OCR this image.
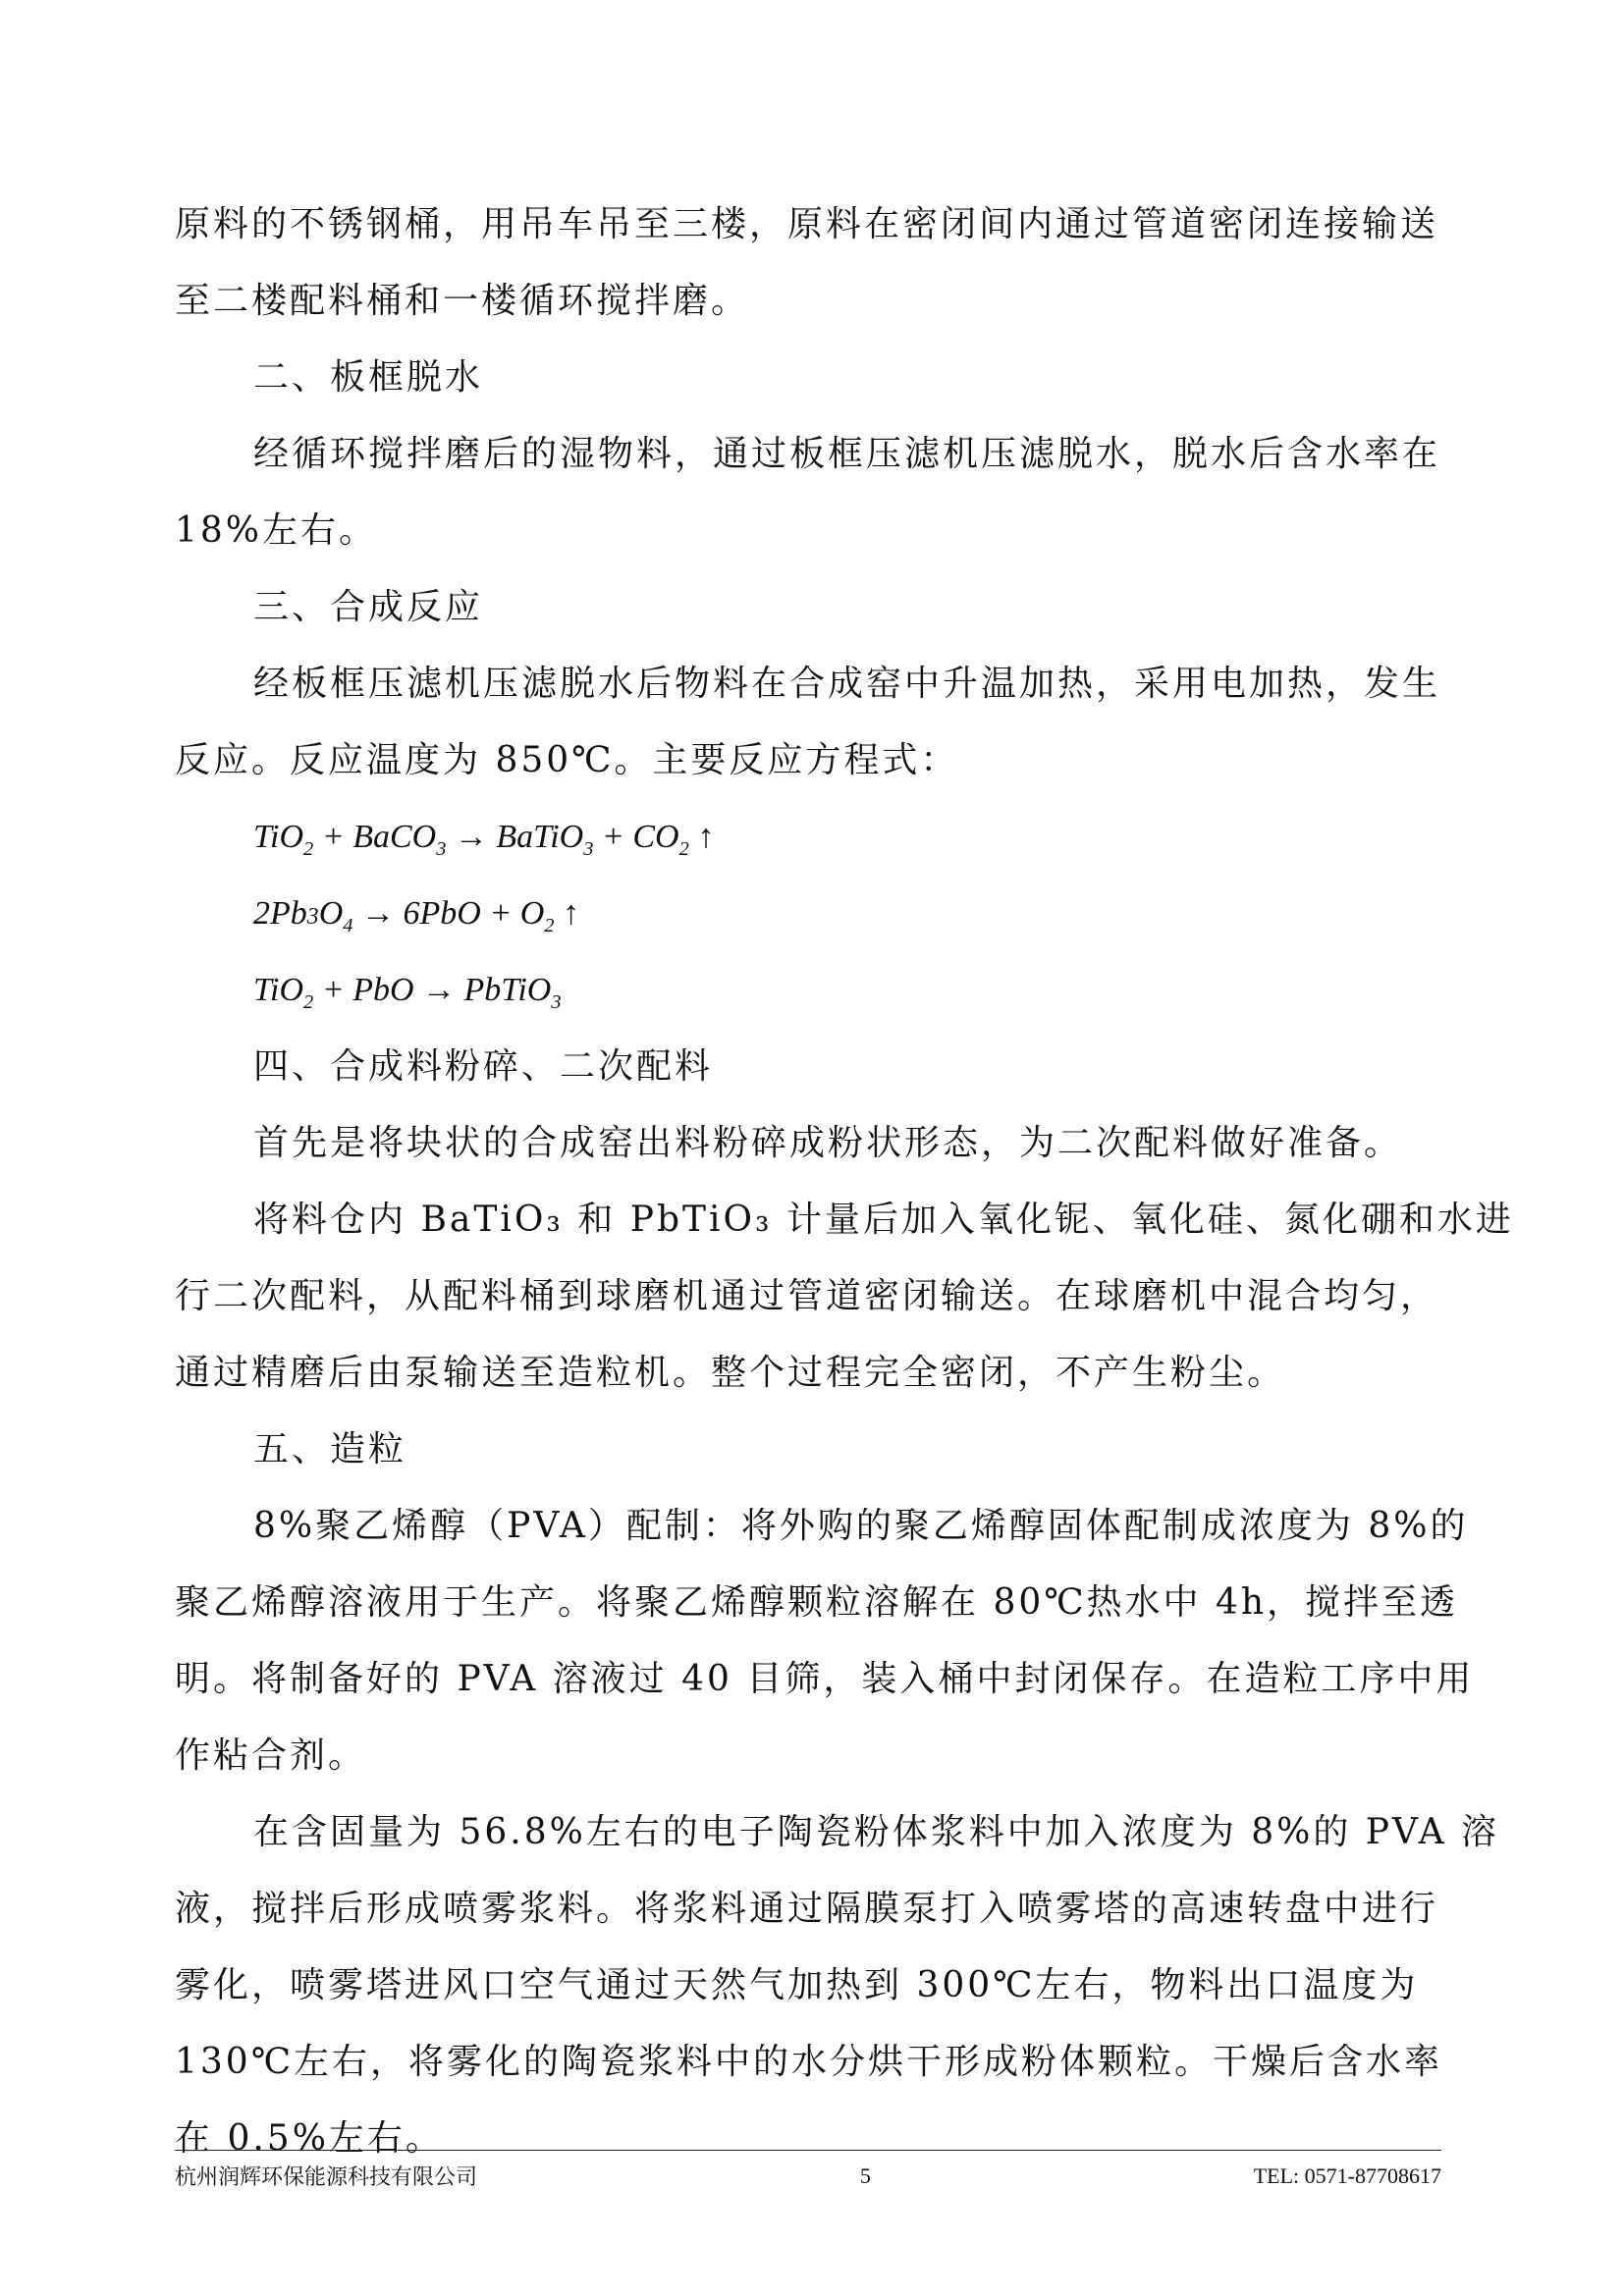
原料的不锈钢桶，用吊车吊至三楼，原料在密闭间内通过管道密闭连接输送
至二楼配料桶和一楼循环搅拌磨。
二、板框脱水
经循环搅拌磨后的湿物料，通过板框压滤机压滤脱水，脱水后含水率在
18%左右。
三、合成反应
经板框压滤机压滤脱水后物料在合成窑中升温加热，采用电加热，发生
反应。反应温度为 850℃。主要反应方程式：
TiO$_2$ + BaCO$_3$ → BaTiO$_3$ + $CO_2$ ↑
$2Pb3O_4 \to 6PbO + O_2$ ↑
TiO$_2$ + PbO → PbTiO$_3$
四、合成料粉碎、二次配料
首先是将块状的合成窑出料粉碎成粉状形态，为二次配料做好准备。
将料仓内 BaTiO₃ 和 PbTiO₃ 计量后加入氧化铌、氧化硅、氮化硼和水进
行二次配料，从配料桶到球磨机通过管道密闭输送。在球磨机中混合均匀，
通过精磨后由泵输送至造粒机。整个过程完全密闭，不产生粉尘。
五、造粒
8%聚乙烯醇（PVA）配制：将外购的聚乙烯醇固体配制成浓度为 8%的
聚乙烯醇溶液用于生产。将聚乙烯醇颗粒溶解在 80℃热水中 4h，搅拌至透
明。将制备好的 PVA 溶液过 40 目筛，装入桶中封闭保存。在造粒工序中用
作粘合剂。
在含固量为 56.8%左右的电子陶瓷粉体浆料中加入浓度为 8%的 PVA 溶
液，搅拌后形成喷雾浆料。将浆料通过隔膜泵打入喷雾塔的高速转盘中进行
雾化，喷雾塔进风口空气通过天然气加热到 300℃左右，物料出口温度为
130℃左右，将雾化的陶瓷浆料中的水分烘干形成粉体颗粒。干燥后含水率
在 0.5%左右。
杭州润辉环保能源科技有限公司	5	TEL: 0571-87708617
